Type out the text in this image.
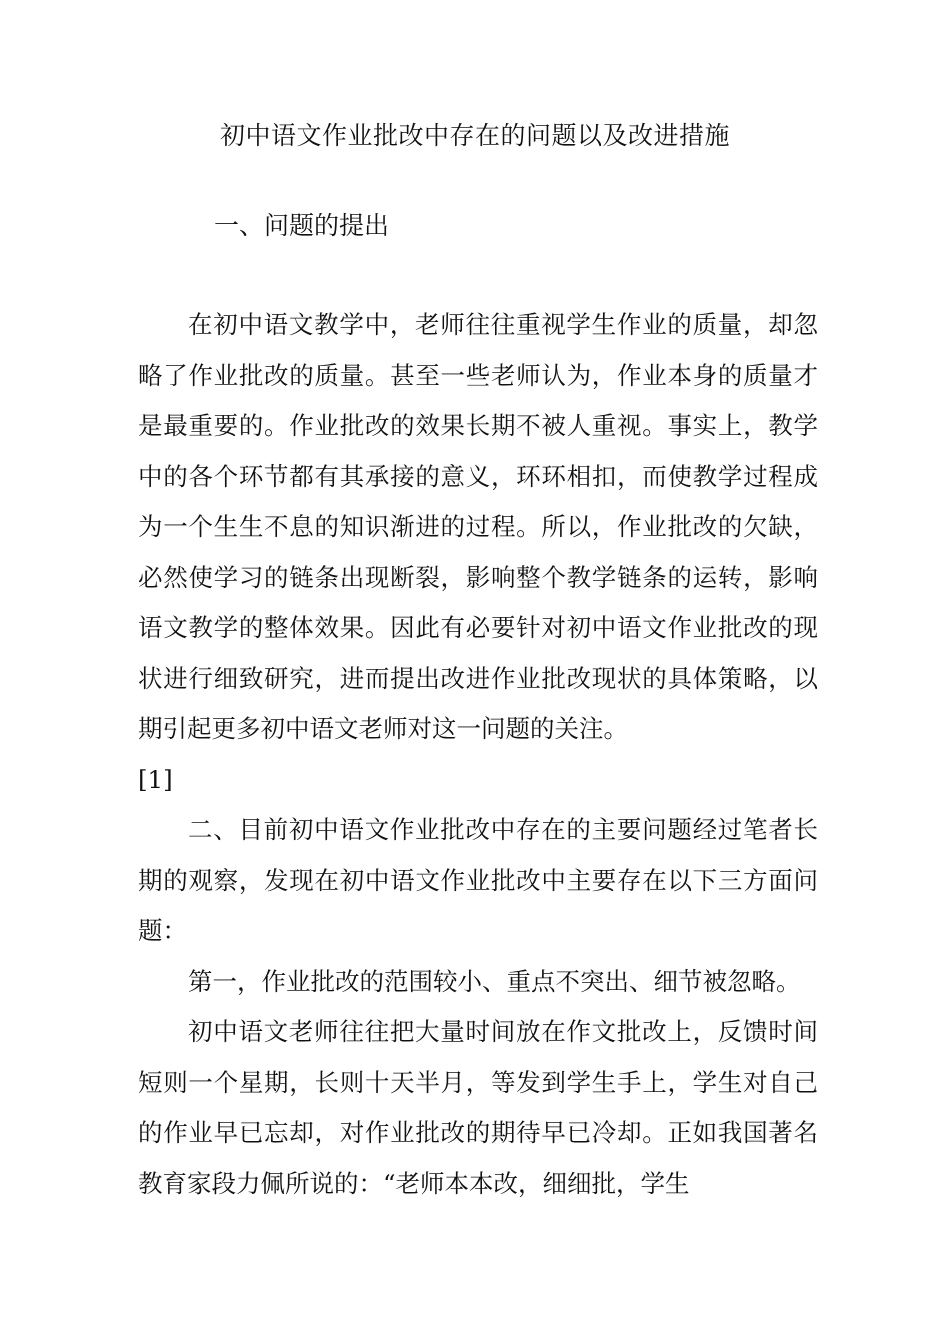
初中语文作业批改中存在的问题以及改进措施
一、问题的提出

在初中语文教学中，老师往往重视学生作业的质量，却忽略了作业批改的质量。甚至一些老师认为，作业本身的质量才是最重要的。作业批改的效果长期不被人重视。事实上，教学中的各个环节都有其承接的意义，环环相扣，而使教学过程成为一个生生不息的知识渐进的过程。所以，作业批改的欠缺，必然使学习的链条出现断裂，影响整个教学链条的运转，影响语文教学的整体效果。因此有必要针对初中语文作业批改的现状进行细致研究，进而提出改进作业批改现状的具体策略，以期引起更多初中语文老师对这一问题的关注。
[1]

二、目前初中语文作业批改中存在的主要问题经过笔者长期的观察，发现在初中语文作业批改中主要存在以下三方面问题：

第一，作业批改的范围较小、重点不突出、细节被忽略。

初中语文老师往往把大量时间放在作文批改上，反馈时间短则一个星期，长则十天半月，等发到学生手上，学生对自己的作业早已忘却，对作业批改的期待早已冷却。正如我国著名教育家段力佩所说的：“老师本本改，细细批，学生
